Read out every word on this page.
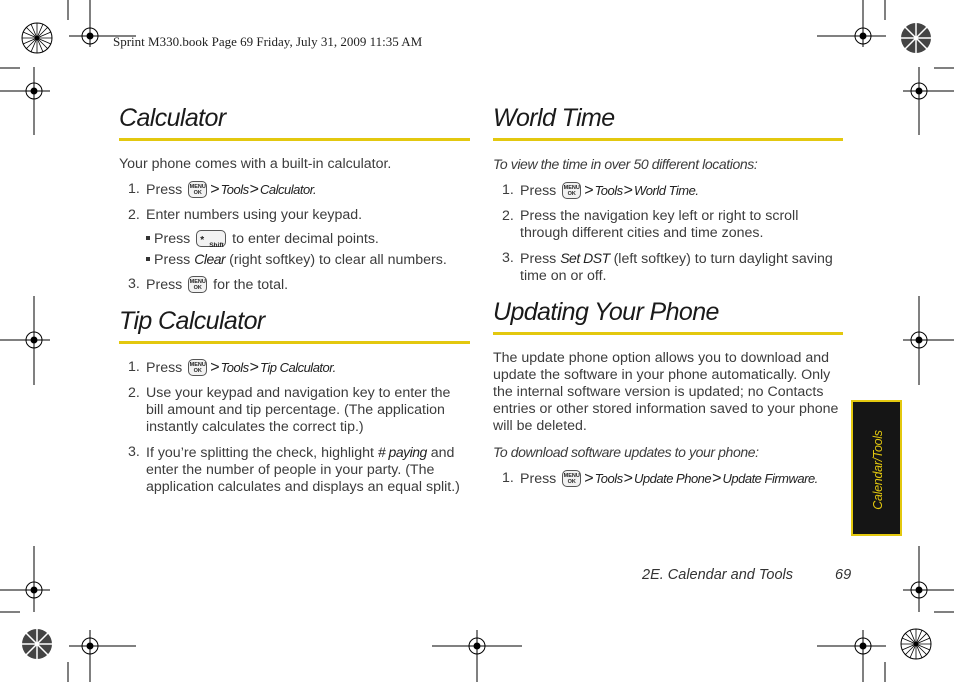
Sprint M330.book Page 69 Friday, July 31, 2009 11:35 AM
Calculator
Your phone comes with a built-in calculator.
1. Press MENU
OK >Tools>Calculator.
2. Enter numbers using your keypad.
Press * Shift to enter decimal points.
Press Clear (right softkey) to clear all numbers.
3. Press MENU
OK for the total.
Tip Calculator
1. Press MENU
OK >Tools>Tip Calculator.
2. Use your keypad and navigation key to enter the
bill amount and tip percentage. (The application
instantly calculates the correct tip.)
3. If you’re splitting the check, highlight # paying and
enter the number of people in your party. (The
application calculates and displays an equal split.)
World Time
To view the time in over 50 different locations:
1. Press MENU
OK >Tools>World Time.
2. Press the navigation key left or right to scroll
through different cities and time zones.
3. Press Set DST (left softkey) to turn daylight saving
time on or off.
Updating Your Phone
The update phone option allows you to download and
update the software in your phone automatically. Only
the internal software version is updated; no Contacts
entries or other stored information saved to your phone
will be deleted.
To download software updates to your phone:
1. Press MENU
OK >Tools>Update Phone>Update Firmware.	Calendar/Tools
2E. Calendar and Tools	69
